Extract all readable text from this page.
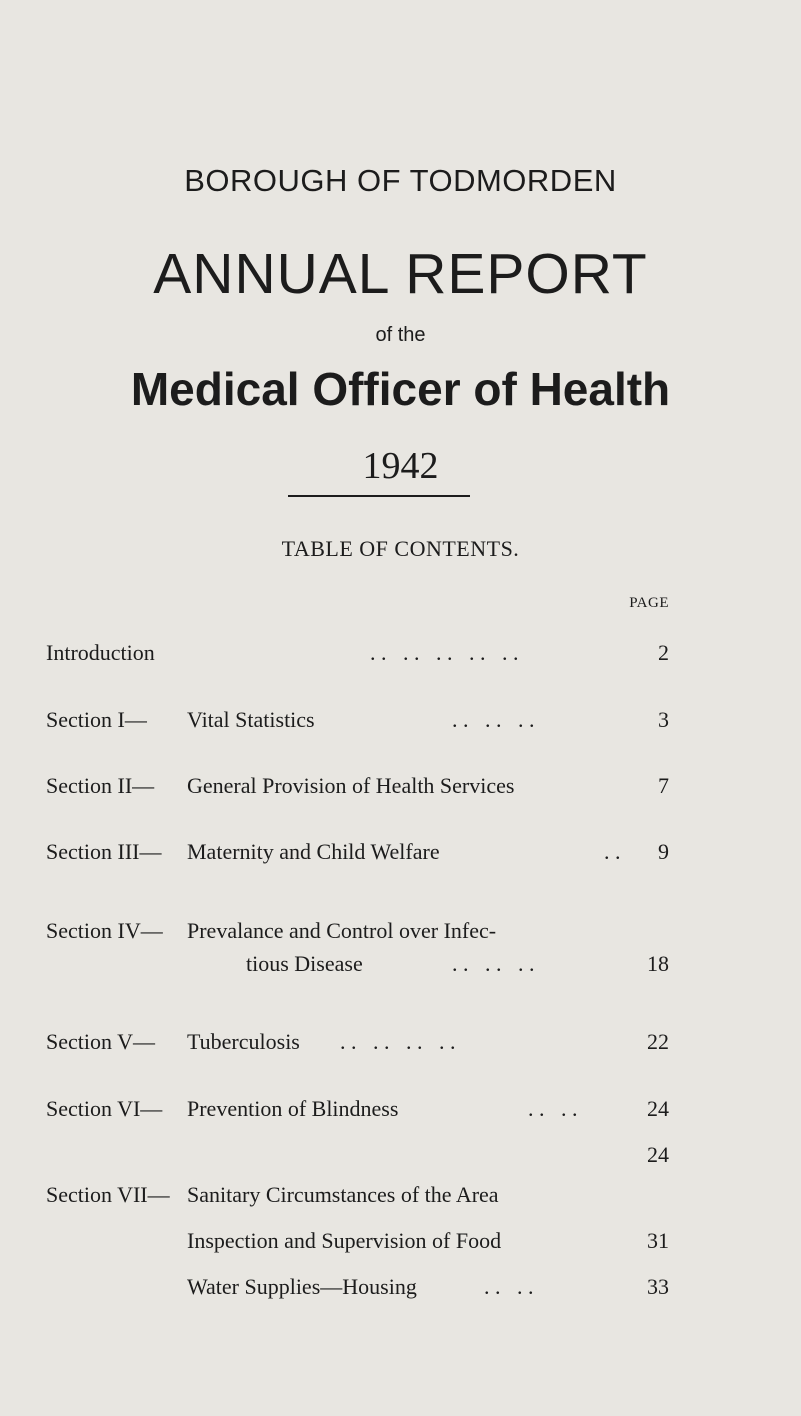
BOROUGH OF TODMORDEN
ANNUAL REPORT
of the
Medical Officer of Health
1942
TABLE OF CONTENTS.
PAGE
Introduction	. .   . .   . .   . .   . .	2
Section I— Vital Statistics	. .   . .   . .	3
Section II— General Provision of Health Services	7
Section III— Maternity and Child Welfare	. . 9
Section IV— Prevalance and Control over Infec-
tious Disease	. .   . .   . .	18
Section V— Tuberculosis . .   . .   . .   . .	22
Section VI— Prevention of Blindness	. .   . .	24
24
Section VII— Sanitary Circumstances of the Area
Inspection and Supervision of Food	31
Water Supplies—Housing	. .   . .	33
